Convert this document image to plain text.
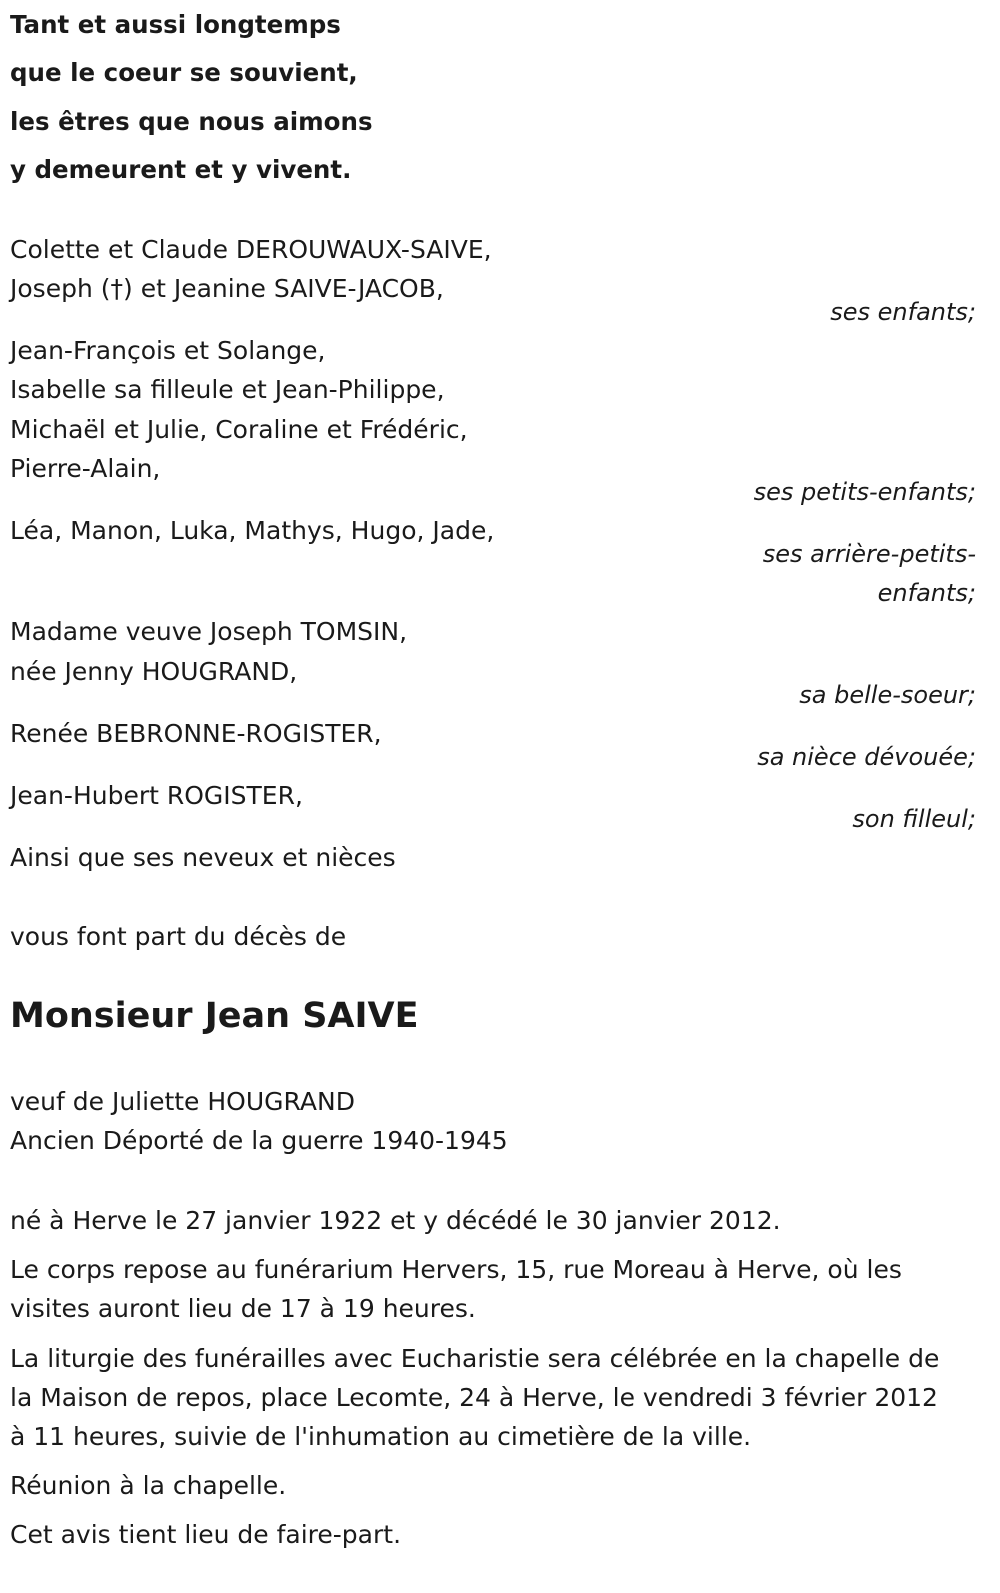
Tant et aussi longtemps

que le coeur se souvient,

les êtres que nous aimons

y demeurent et y vivent.

Colette et Claude DEROUWAUX-SAIVE,

Joseph (†) et Jeanine SAIVE-JACOB,

ses enfants;

Jean-François et Solange,

Isabelle sa filleule et Jean-Philippe,

Michaël et Julie, Coraline et Frédéric,

Pierre-Alain,

ses petits-enfants;

Léa, Manon, Luka, Mathys, Hugo, Jade,

ses arrière-petits-

enfants;

Madame veuve Joseph TOMSIN,

née Jenny HOUGRAND,

sa belle-soeur;

Renée BEBRONNE-ROGISTER,

sa nièce dévouée;

Jean-Hubert ROGISTER,

son filleul;

Ainsi que ses neveux et nièces

vous font part du décès de

Monsieur Jean SAIVE

veuf de Juliette HOUGRAND

Ancien Déporté de la guerre 1940-1945

né à Herve le 27 janvier 1922 et y décédé le 30 janvier 2012.

Le corps repose au funérarium Hervers, 15, rue Moreau à Herve, où les visites auront lieu de 17 à 19 heures.

La liturgie des funérailles avec Eucharistie sera célébrée en la chapelle de la Maison de repos, place Lecomte, 24 à Herve, le vendredi 3 février 2012 à 11 heures, suivie de l'inhumation au cimetière de la ville.

Réunion à la chapelle.

Cet avis tient lieu de faire-part.
